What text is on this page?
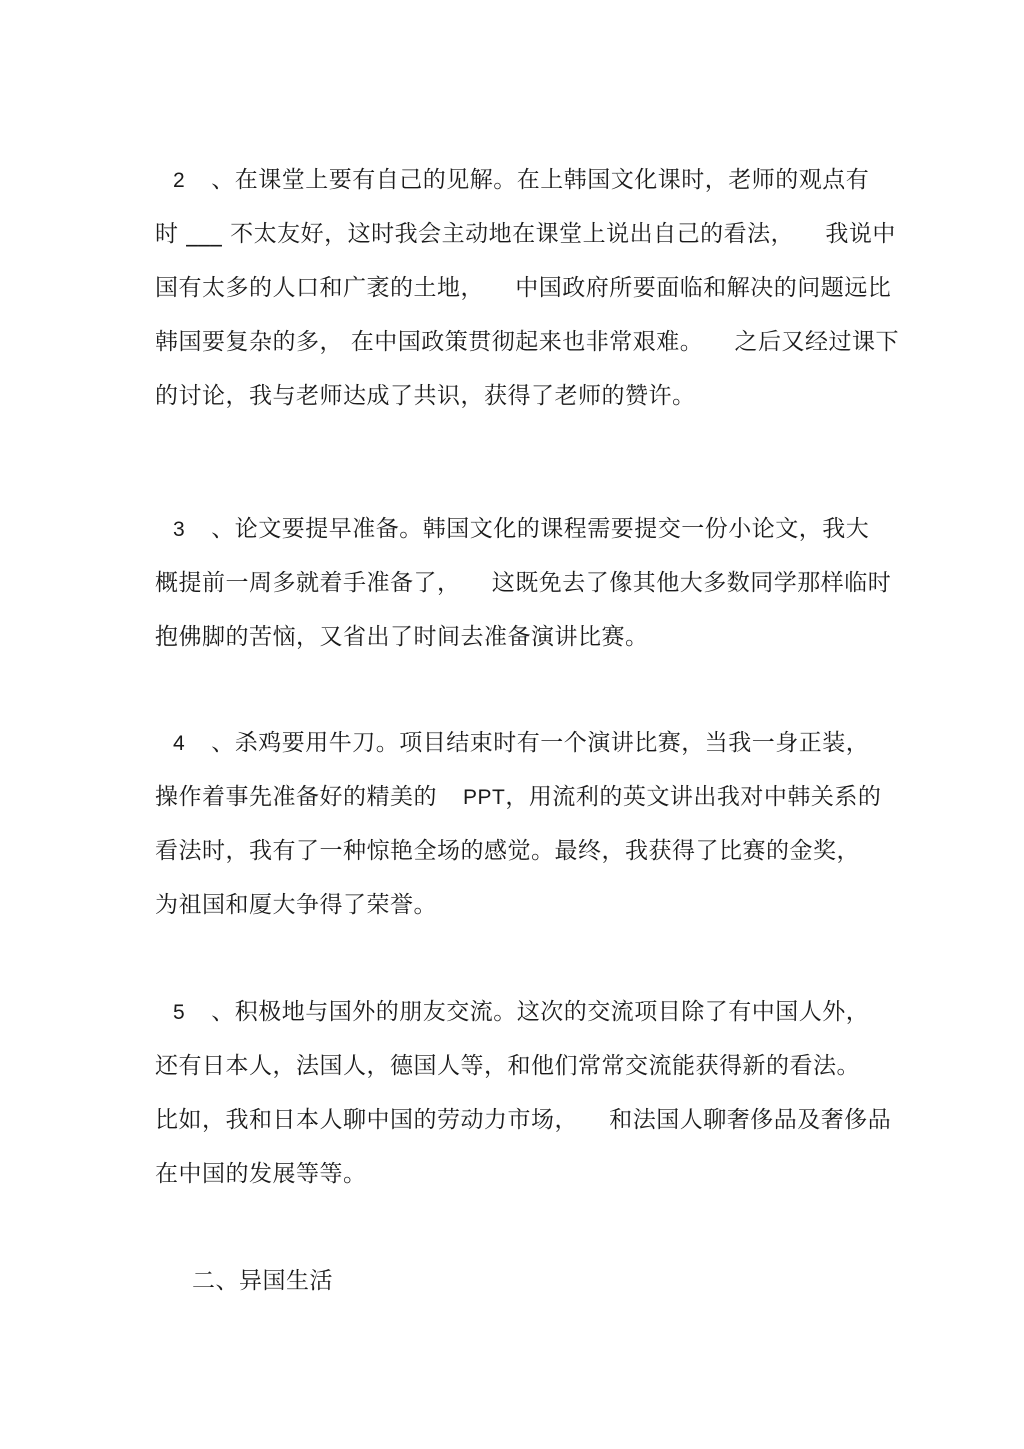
2 、在课堂上要有自己的见解。在上韩国文化课时，老师的观点有
时 ___ 不太友好，这时我会主动地在课堂上说出自己的看法，    我说中
国有太多的人口和广袤的土地，    中国政府所要面临和解决的问题远比
韩国要复杂的多， 在中国政策贯彻起来也非常艰难。    之后又经过课下
的讨论，我与老师达成了共识，获得了老师的赞许。
3 、论文要提早准备。韩国文化的课程需要提交一份小论文，我大
概提前一周多就着手准备了，    这既免去了像其他大多数同学那样临时
抱佛脚的苦恼，又省出了时间去准备演讲比赛。
4 、杀鸡要用牛刀。项目结束时有一个演讲比赛，当我一身正装，
操作着事先准备好的精美的 PPT，用流利的英文讲出我对中韩关系的
看法时，我有了一种惊艳全场的感觉。最终，我获得了比赛的金奖，
为祖国和厦大争得了荣誉。
5 、积极地与国外的朋友交流。这次的交流项目除了有中国人外，
还有日本人，法国人，德国人等，和他们常常交流能获得新的看法。
比如，我和日本人聊中国的劳动力市场，    和法国人聊奢侈品及奢侈品
在中国的发展等等。
二、异国生活
